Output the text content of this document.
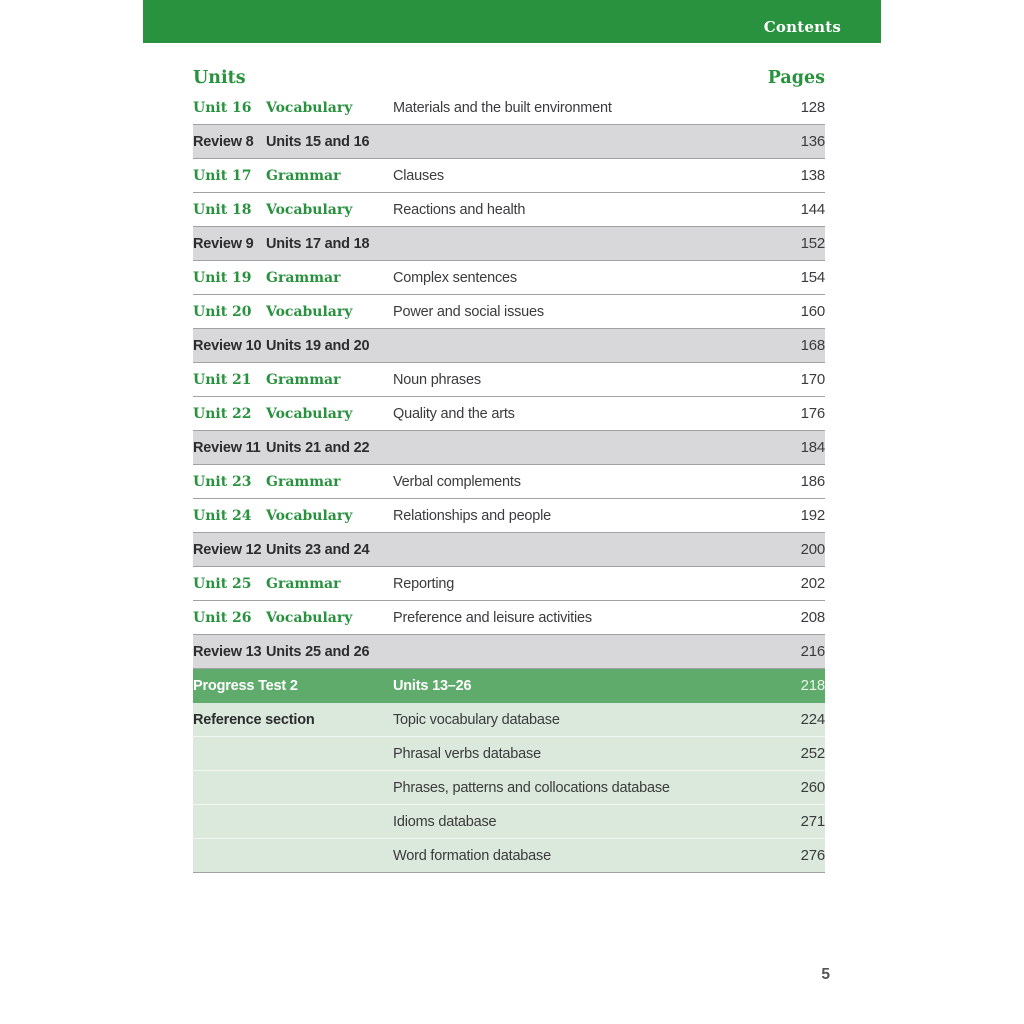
Contents
Units	Pages
Unit 16	Vocabulary	Materials and the built environment	128
Review 8 Units 15 and 16	136
Unit 17	Grammar	Clauses	138
Unit 18	Vocabulary	Reactions and health	144
Review 9 Units 17 and 18	152
Unit 19	Grammar	Complex sentences	154
Unit 20	Vocabulary	Power and social issues	160
Review 10 Units 19 and 20	168
Unit 21	Grammar	Noun phrases	170
Unit 22	Vocabulary	Quality and the arts	176
Review 11 Units 21 and 22	184
Unit 23	Grammar	Verbal complements	186
Unit 24	Vocabulary	Relationships and people	192
Review 12 Units 23 and 24	200
Unit 25	Grammar	Reporting	202
Unit 26	Vocabulary	Preference and leisure activities	208
Review 13 Units 25 and 26	216
Progress Test 2	Units 13–26	218
Reference section	Topic vocabulary database	224
Phrasal verbs database	252
Phrases, patterns and collocations database	260
Idioms database	271
Word formation database	276
5
